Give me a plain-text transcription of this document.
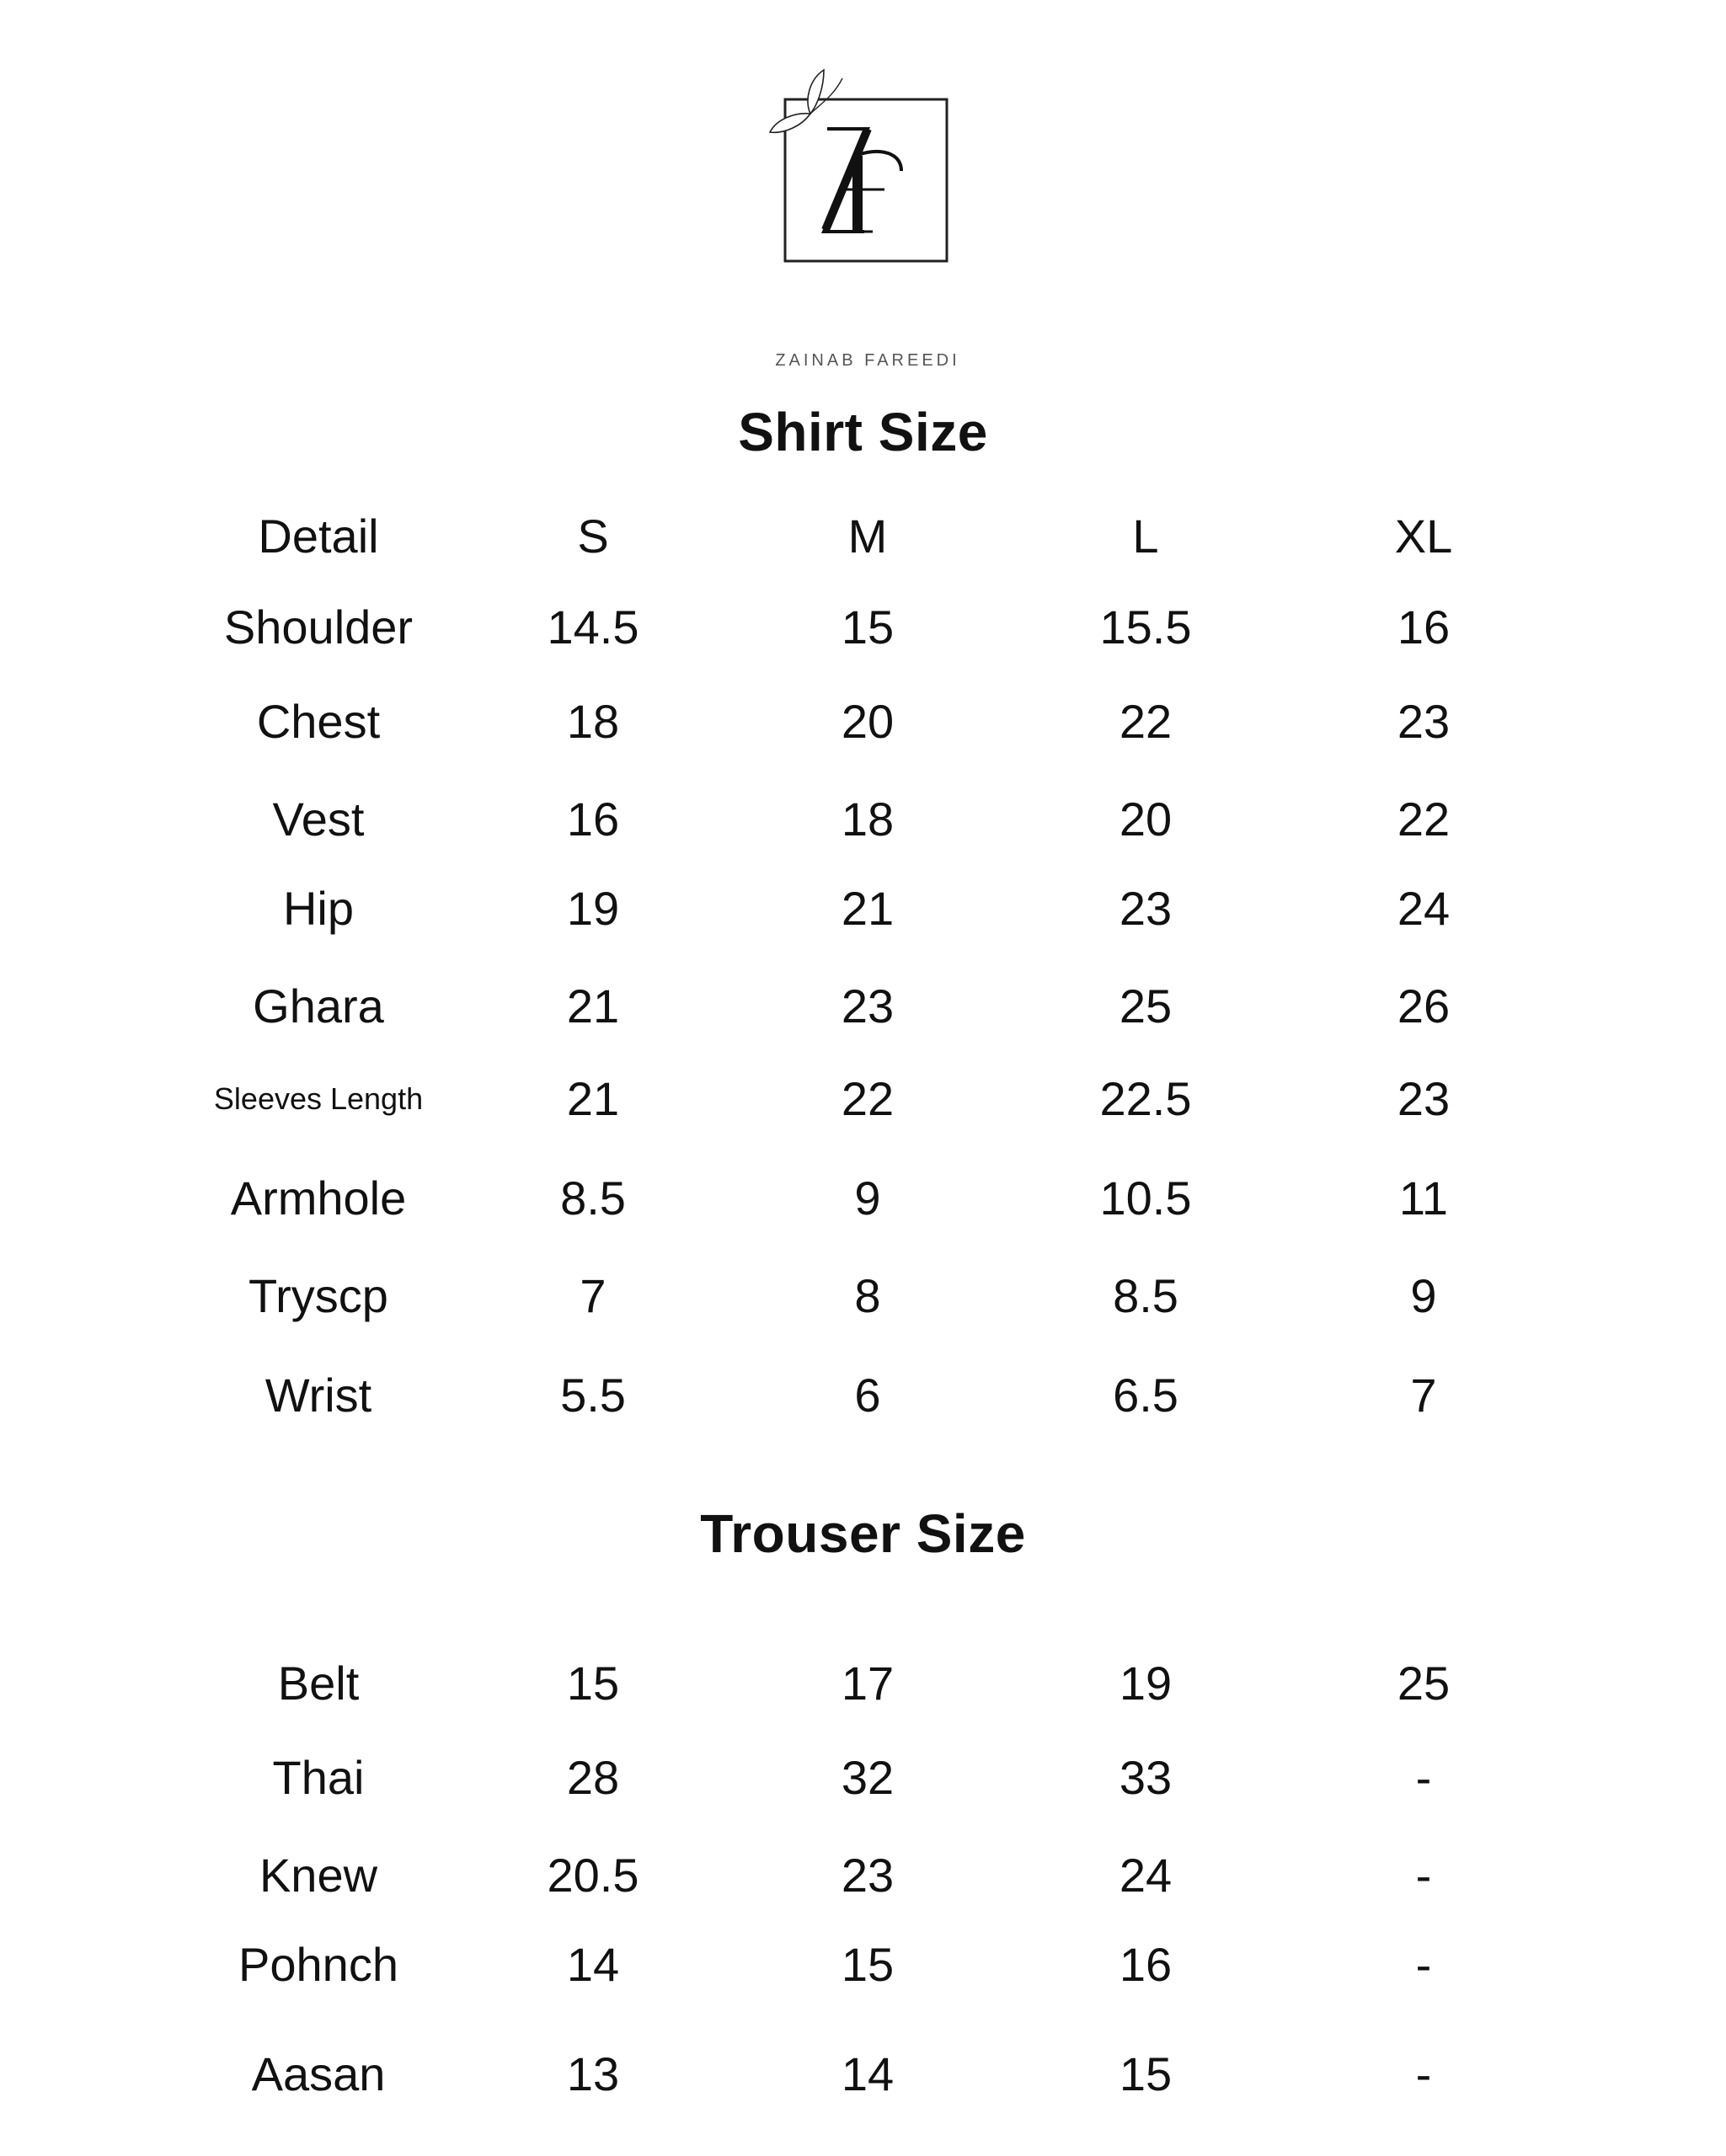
ZAINAB FAREEDI
Shirt Size
Detail	S	M	L	XL
Shoulder	14.5	15	15.5	16
Chest	18	20	22	23
Vest	16	18	20	22
Hip	19	21	23	24
Ghara	21	23	25	26
Sleeves Length	21	22	22.5	23
Armhole	8.5	9	10.5	11
Tryscp	7	8	8.5	9
Wrist	5.5	6	6.5	7
Trouser Size
Belt	15	17	19	25
Thai	28	32	33	-
Knew	20.5	23	24	-
Pohnch	14	15	16	-
Aasan	13	14	15	-
